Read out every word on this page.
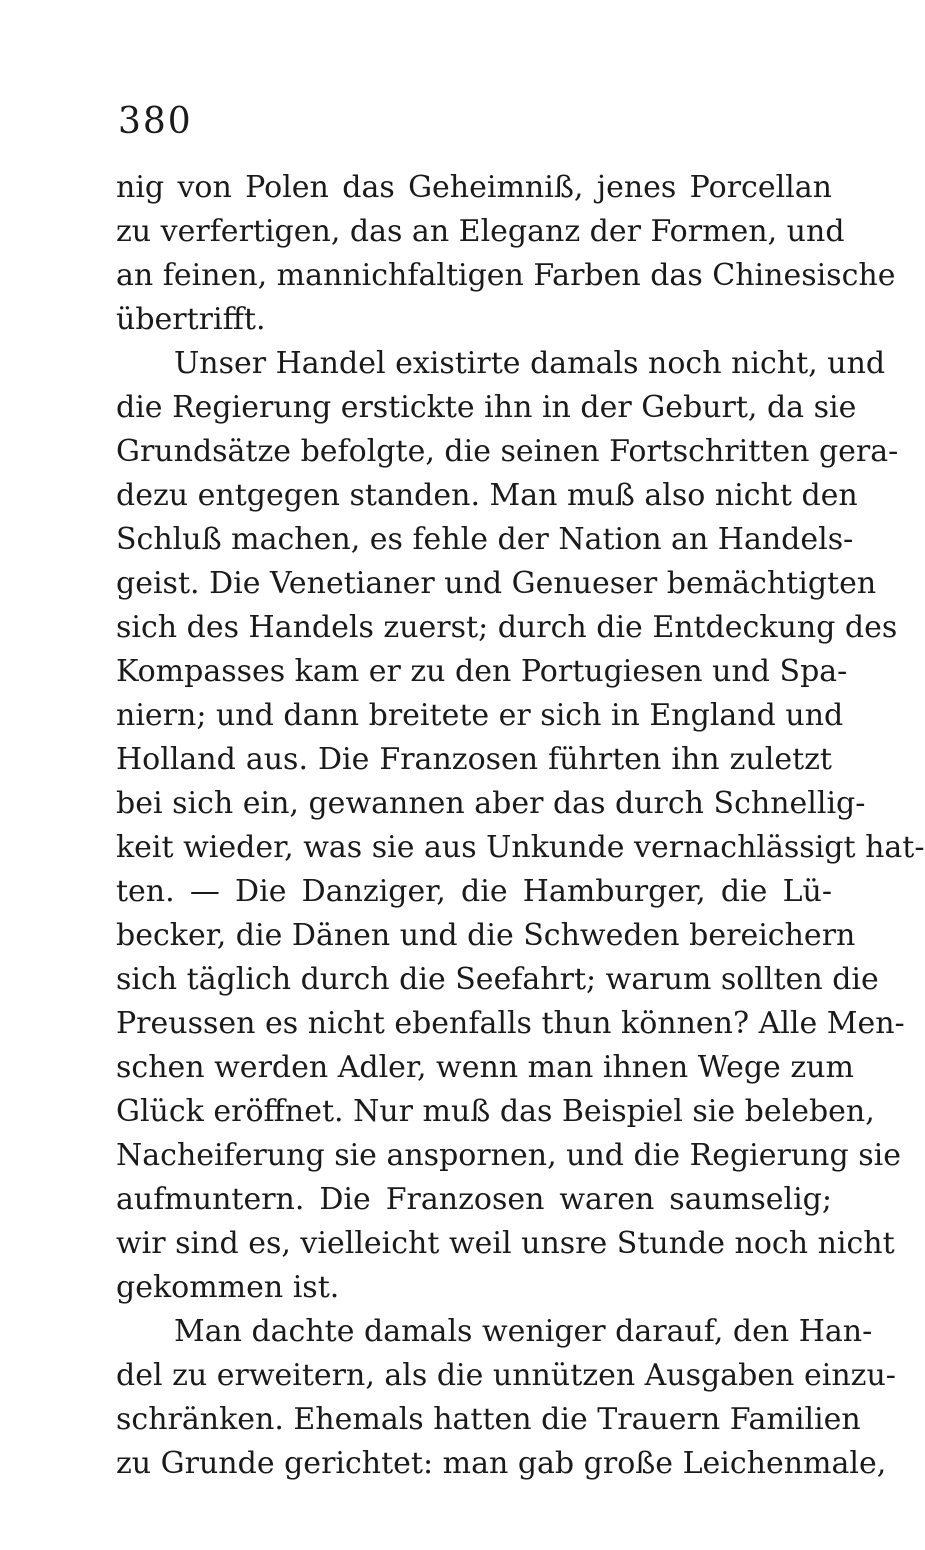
380
nig von Polen das Geheimniß, jenes Porcellan
zu verfertigen, das an Eleganz der Formen, und
an feinen, mannichfaltigen Farben das Chinesische
übertrifft.
Unser Handel existirte damals noch nicht, und
die Regierung erstickte ihn in der Geburt, da sie
Grundsätze befolgte, die seinen Fortschritten gera-
dezu entgegen standen. Man muß also nicht den
Schluß machen, es fehle der Nation an Handels-
geist. Die Venetianer und Genueser bemächtigten
sich des Handels zuerst; durch die Entdeckung des
Kompasses kam er zu den Portugiesen und Spa-
niern; und dann breitete er sich in England und
Holland aus. Die Franzosen führten ihn zuletzt
bei sich ein, gewannen aber das durch Schnellig-
keit wieder, was sie aus Unkunde vernachlässigt hat-
ten. — Die Danziger, die Hamburger, die Lü-
becker, die Dänen und die Schweden bereichern
sich täglich durch die Seefahrt; warum sollten die
Preussen es nicht ebenfalls thun können? Alle Men-
schen werden Adler, wenn man ihnen Wege zum
Glück eröffnet. Nur muß das Beispiel sie beleben,
Nacheiferung sie anspornen, und die Regierung sie
aufmuntern. Die Franzosen waren saumselig;
wir sind es, vielleicht weil unsre Stunde noch nicht
gekommen ist.
Man dachte damals weniger darauf, den Han-
del zu erweitern, als die unnützen Ausgaben einzu-
schränken. Ehemals hatten die Trauern Familien
zu Grunde gerichtet: man gab große Leichenmale,
